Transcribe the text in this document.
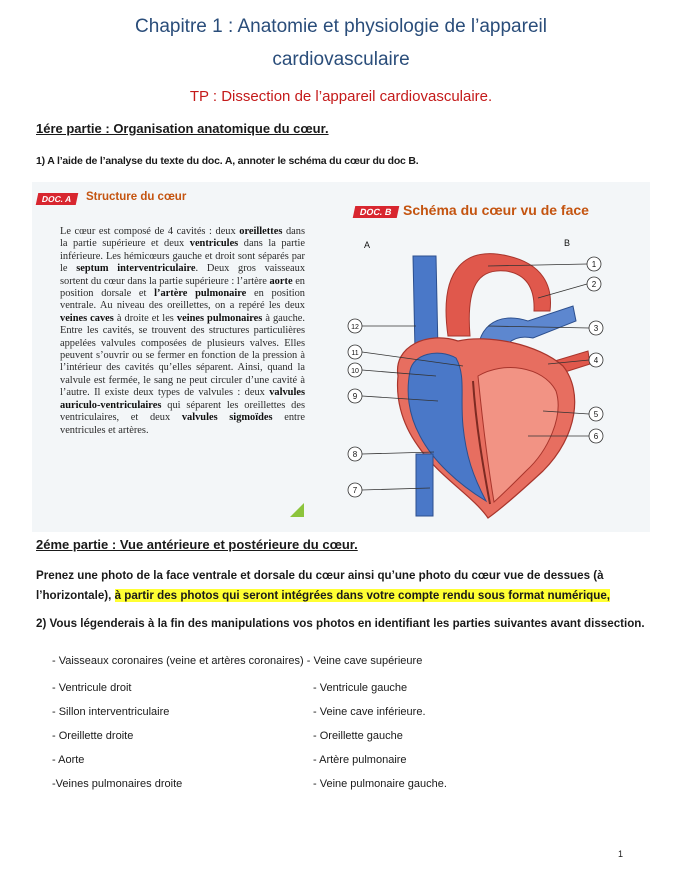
Chapitre 1 : Anatomie et physiologie de l’appareil
cardiovasculaire
TP : Dissection de l’appareil cardiovasculaire.
1ére partie : Organisation anatomique du cœur.
1) A l’aide de l’analyse du texte du doc. A, annoter le schéma du cœur du doc B.
DOC. A	Structure du cœur
Le cœur est composé de 4 cavités : deux oreillettes dans la partie supérieure et deux ventricules dans la partie inférieure. Les hémicœurs gauche et droit sont séparés par le septum interventriculaire. Deux gros vaisseaux sortent du cœur dans la partie supérieure : l’artère aorte en position dorsale et l’artère pulmonaire en position ventrale. Au niveau des oreillettes, on a repéré les deux veines caves à droite et les veines pulmonaires à gauche. Entre les cavités, se trouvent des structures particulières appelées valvules composées de plusieurs valves. Elles peuvent s’ouvrir ou se fermer en fonction de la pression à l’intérieur des cavités qu’elles séparent. Ainsi, quand la valvule est fermée, le sang ne peut circuler d’une cavité à l’autre. Il existe deux types de valvules : deux valvules auriculo-ventriculaires qui séparent les oreillettes des ventriculaires, et deux valvules sigmoïdes entre ventricules et artères.
DOC. B Schéma du cœur vu de face
A	B
1
2
3
4
5
6
7
8
9
10
11
12
2éme partie : Vue antérieure et postérieure du cœur.
Prenez une photo de la face ventrale et dorsale du cœur ainsi qu’une photo du cœur vue de dessues (à l’horizontale), à partir des photos qui seront intégrées dans votre compte rendu sous format numérique,
2) Vous légenderais à la fin des manipulations vos photos en identifiant les parties suivantes avant dissection.
- Vaisseaux coronaires (veine et artères coronaires) - Veine cave supérieure
- Ventricule droit	- Ventricule gauche
- Sillon interventriculaire	- Veine cave inférieure.
- Oreillette droite	- Oreillette gauche
- Aorte	- Artère pulmonaire
-Veines pulmonaires droite	- Veine pulmonaire gauche.
1
